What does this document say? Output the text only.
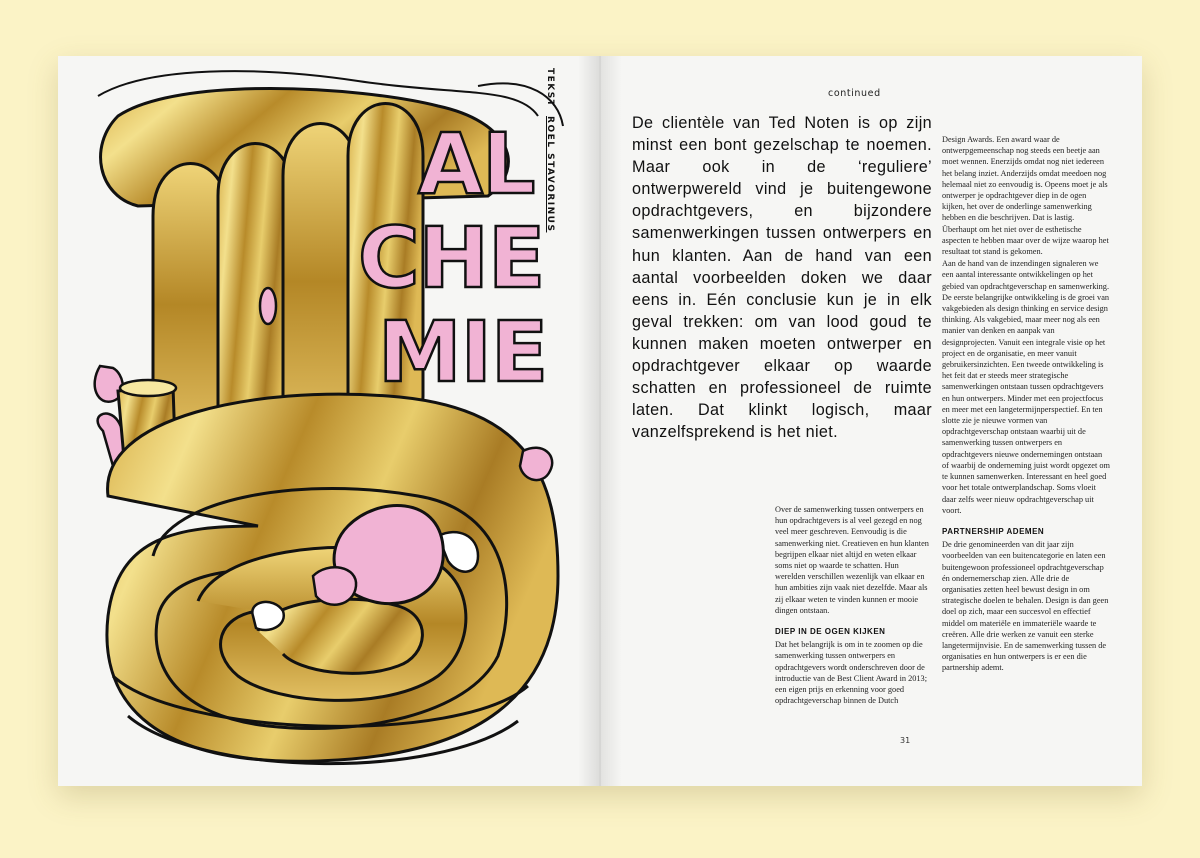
TEKST ROEL STAVORINUS
AL
CHE
MIE
continued

De clientèle van Ted Noten is op zijn minst een bont gezelschap te noemen. Maar ook in de ‘reguliere’ ontwerpwereld vind je buitengewone opdrachtgevers, en bijzondere samenwerkingen tussen ontwerpers en hun klanten. Aan de hand van een aantal voorbeelden doken we daar eens in. Eén conclusie kun je in elk geval trekken: om van lood goud te kunnen maken moeten ontwerper en opdrachtgever elkaar op waarde schatten en professioneel de ruimte laten. Dat klinkt logisch, maar vanzelfsprekend is het niet.

Over de samenwerking tussen ontwerpers en hun opdrachtgevers is al veel gezegd en nog veel meer geschreven. Eenvoudig is die samenwerking niet. Creatieven en hun klanten begrijpen elkaar niet altijd en weten elkaar soms niet op waarde te schatten. Hun werelden verschillen wezenlijk van elkaar en hun ambities zijn vaak niet dezelfde. Maar als zij elkaar weten te vinden kunnen er mooie dingen ontstaan.

DIEP IN DE OGEN KIJKEN

Dat het belangrijk is om in te zoomen op die samenwerking tussen ontwerpers en opdrachtgevers wordt onderschreven door de introductie van de Best Client Award in 2013; een eigen prijs en erkenning voor goed opdrachtgeverschap binnen de Dutch

Design Awards. Een award waar de ontwerpgemeenschap nog steeds een beetje aan moet wennen. Enerzijds omdat nog niet iedereen het belang inziet. Anderzijds omdat meedoen nog helemaal niet zo eenvoudig is. Opeens moet je als ontwerper je opdrachtgever diep in de ogen kijken, het over de onderlinge samenwerking hebben en die beschrijven. Dat is lastig. Überhaupt om het niet over de esthetische aspecten te hebben maar over de wijze waarop het resultaat tot stand is gekomen.

Aan de hand van de inzendingen signaleren we een aantal interessante ontwikkelingen op het gebied van opdrachtgeverschap en samenwerking. De eerste belangrijke ontwikkeling is de groei van vakgebieden als design thinking en service design thinking. Als vakgebied, maar meer nog als een manier van denken en aanpak van designprojecten. Vanuit een integrale visie op het project en de organisatie, en meer vanuit gebruikersinzichten. Een tweede ontwikkeling is het feit dat er steeds meer strategische samenwerkingen ontstaan tussen opdrachtgevers en hun ontwerpers. Minder met een projectfocus en meer met een langetermijnperspectief. En ten slotte zie je nieuwe vormen van opdrachtgeverschap ontstaan waarbij uit de samenwerking tussen ontwerpers en opdrachtgevers nieuwe ondernemingen ontstaan of waarbij de onderneming juist wordt opgezet om te kunnen samenwerken. Interessant en heel goed voor het totale ontwerplandschap. Soms vloeit daar zelfs weer nieuw opdrachtgeverschap uit voort.

PARTNERSHIP ADEMEN

De drie genomineerden van dit jaar zijn voorbeelden van een buitencategorie en laten een buitengewoon professioneel opdrachtgeverschap én ondernemerschap zien. Alle drie de organisaties zetten heel bewust design in om strategische doelen te behalen. Design is dan geen doel op zich, maar een succesvol en effectief middel om materiële en immateriële waarde te creëren. Alle drie werken ze vanuit een sterke langetermijnvisie. En de samenwerking tussen de organisaties en hun ontwerpers is er een die partnership ademt.

31
